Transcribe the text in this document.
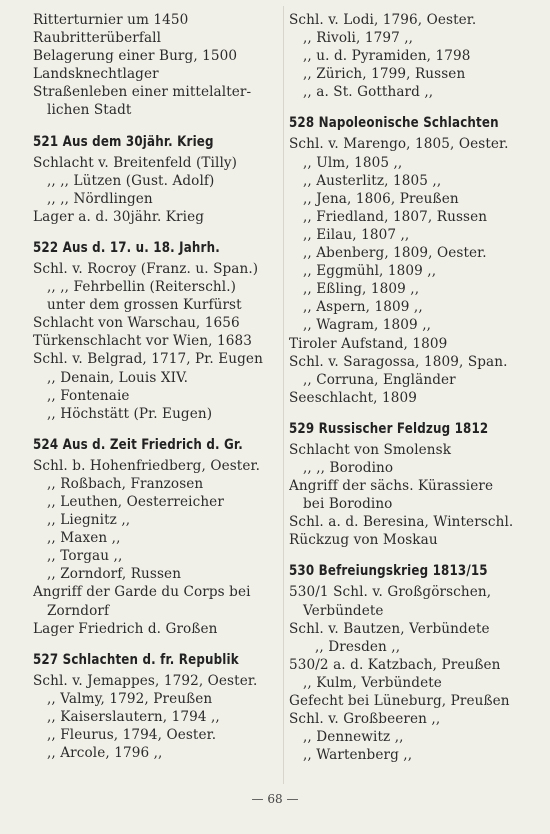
Ritterturnier um 1450
Raubritterüberfall
Belagerung einer Burg, 1500
Landsknechtlager
Straßenleben einer mittelalter-
lichen Stadt
521 Aus dem 30jähr. Krieg
Schlacht v. Breitenfeld (Tilly)
,, ,, Lützen (Gust. Adolf)
,, ,, Nördlingen
Lager a. d. 30jähr. Krieg
522 Aus d. 17. u. 18. Jahrh.
Schl. v. Rocroy (Franz. u. Span.)
,, ,, Fehrbellin (Reiterschl.)
unter dem grossen Kurfürst
Schlacht von Warschau, 1656
Türkenschlacht vor Wien, 1683
Schl. v. Belgrad, 1717, Pr. Eugen
,, Denain, Louis XIV.
,, Fontenaie
,, Höchstätt (Pr. Eugen)
524 Aus d. Zeit Friedrich d. Gr.
Schl. b. Hohenfriedberg, Oester.
,, Roßbach, Franzosen
,, Leuthen, Oesterreicher
,, Liegnitz ,,
,, Maxen ,,
,, Torgau ,,
,, Zorndorf, Russen
Angriff der Garde du Corps bei
Zorndorf
Lager Friedrich d. Großen
527 Schlachten d. fr. Republik
Schl. v. Jemappes, 1792, Oester.
,, Valmy, 1792, Preußen
,, Kaiserslautern, 1794 ,,
,, Fleurus, 1794, Oester.
,, Arcole, 1796 ,,
Schl. v. Lodi, 1796, Oester.
,, Rivoli, 1797 ,,
,, u. d. Pyramiden, 1798
,, Zürich, 1799, Russen
,, a. St. Gotthard ,,
528 Napoleonische Schlachten
Schl. v. Marengo, 1805, Oester.
,, Ulm, 1805 ,,
,, Austerlitz, 1805 ,,
,, Jena, 1806, Preußen
,, Friedland, 1807, Russen
,, Eilau, 1807 ,,
,, Abenberg, 1809, Oester.
,, Eggmühl, 1809 ,,
,, Eßling, 1809 ,,
,, Aspern, 1809 ,,
,, Wagram, 1809 ,,
Tiroler Aufstand, 1809
Schl. v. Saragossa, 1809, Span.
,, Corruna, Engländer
Seeschlacht, 1809
529 Russischer Feldzug 1812
Schlacht von Smolensk
,, ,, Borodino
Angriff der sächs. Kürassiere
bei Borodino
Schl. a. d. Beresina, Winterschl.
Rückzug von Moskau
530 Befreiungskrieg 1813/15
530/1 Schl. v. Großgörschen,
Verbündete
Schl. v. Bautzen, Verbündete
,, Dresden ,,
530/2 a. d. Katzbach, Preußen
,, Kulm, Verbündete
Gefecht bei Lüneburg, Preußen
Schl. v. Großbeeren ,,
,, Dennewitz ,,
,, Wartenberg ,,
— 68 —
